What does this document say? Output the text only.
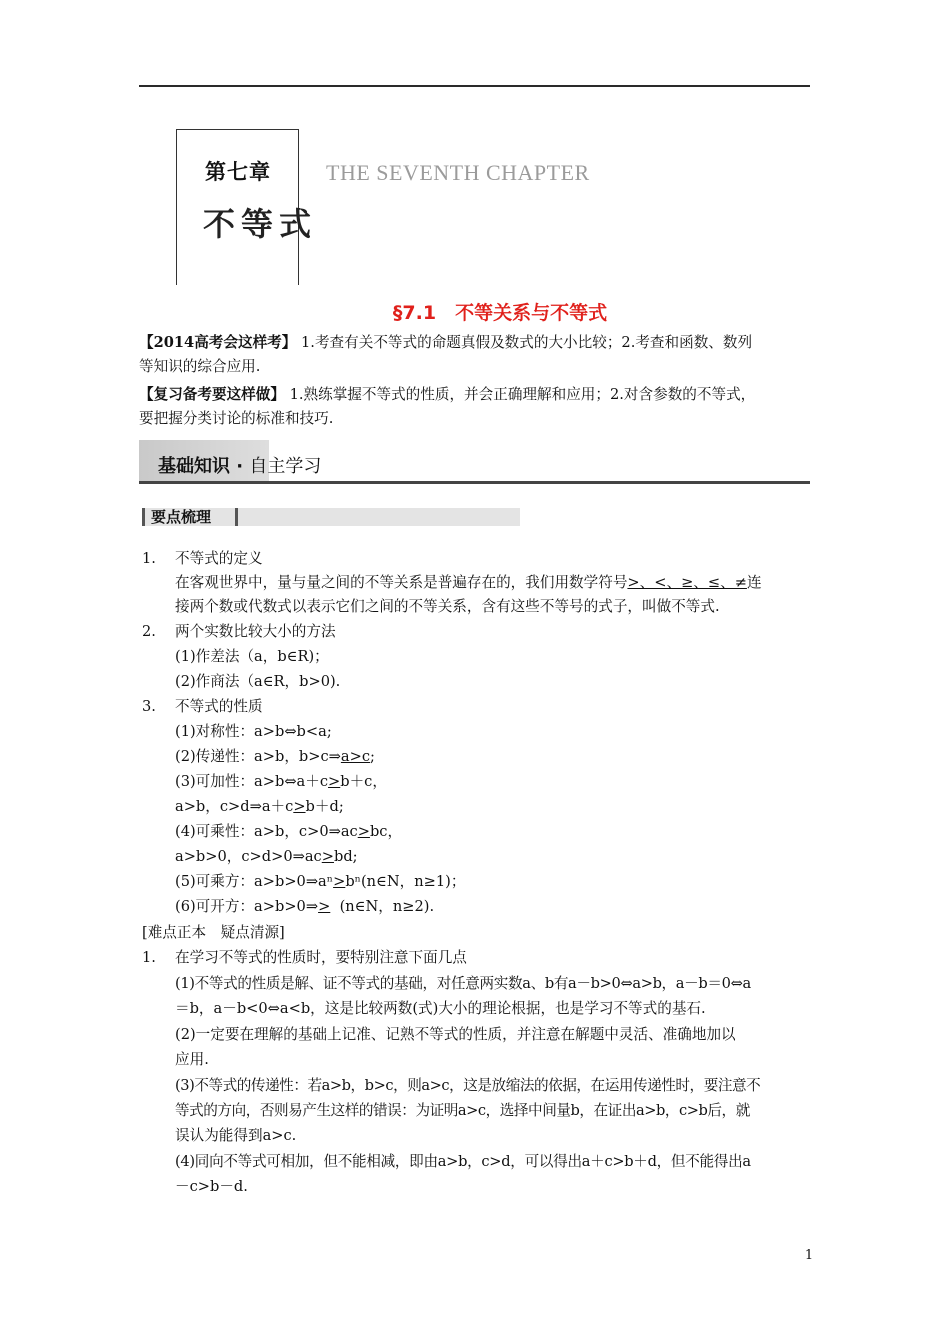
第七章	THE SEVENTH CHAPTER
不等式
§7.1　不等关系与不等式
【2014高考会这样考】 1.考查有关不等式的命题真假及数式的大小比较；2.考查和函数、数列
等知识的综合应用.
【复习备考要这样做】 1.熟练掌握不等式的性质，并会正确理解和应用；2.对含参数的不等式，
要把握分类讨论的标准和技巧.
基础知识 · 自主学习
要点梳理
1. 不等式的定义
在客观世界中，量与量之间的不等关系是普遍存在的，我们用数学符号>、<、≥、≤、≠连
接两个数或代数式以表示它们之间的不等关系，含有这些不等号的式子，叫做不等式.
2. 两个实数比较大小的方法
(1)作差法（a，b∈R)；
(2)作商法（a∈R，b>0).
3. 不等式的性质
(1)对称性：a>b⇔b<a;
(2)传递性：a>b，b>c⇒a>c;
(3)可加性：a>b⇔a＋c>b＋c，
a>b，c>d⇒a＋c>b＋d;
(4)可乘性：a>b，c>0⇒ac>bc，
a>b>0，c>d>0⇒ac>bd;
(5)可乘方：a>b>0⇒aⁿ>bⁿ(n∈N，n≥1)；
(6)可开方：a>b>0⇒> (n∈N，n≥2).
[难点正本　疑点清源]
1. 在学习不等式的性质时，要特别注意下面几点
(1)不等式的性质是解、证不等式的基础，对任意两实数a、b有a－b>0⇔a>b，a－b＝0⇔a
＝b，a－b<0⇔a<b，这是比较两数(式)大小的理论根据，也是学习不等式的基石.
(2)一定要在理解的基础上记准、记熟不等式的性质，并注意在解题中灵活、准确地加以
应用.
(3)不等式的传递性：若a>b，b>c，则a>c，这是放缩法的依据，在运用传递性时，要注意不
等式的方向，否则易产生这样的错误：为证明a>c，选择中间量b，在证出a>b，c>b后，就
误认为能得到a>c.
(4)同向不等式可相加，但不能相减，即由a>b，c>d，可以得出a＋c>b＋d，但不能得出a
－c>b－d.
1
